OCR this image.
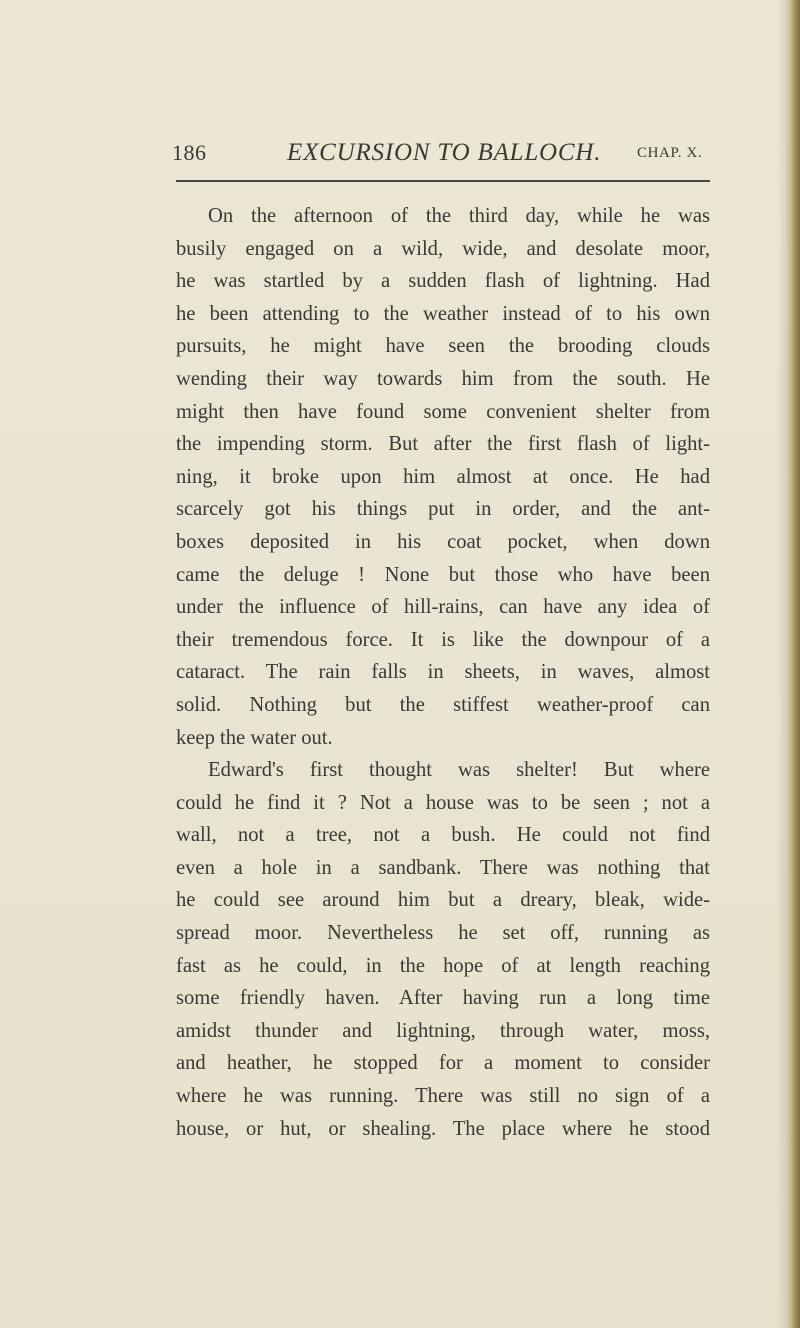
186	EXCURSION TO BALLOCH. CHAP. X.
On the afternoon of the third day, while he was
busily engaged on a wild, wide, and desolate moor,
he was startled by a sudden flash of lightning. Had
he been attending to the weather instead of to his own
pursuits, he might have seen the brooding clouds
wending their way towards him from the south. He
might then have found some convenient shelter from
the impending storm. But after the first flash of light-
ning, it broke upon him almost at once. He had
scarcely got his things put in order, and the ant-
boxes deposited in his coat pocket, when down
came the deluge ! None but those who have been
under the influence of hill-rains, can have any idea of
their tremendous force. It is like the downpour of a
cataract. The rain falls in sheets, in waves, almost
solid. Nothing but the stiffest weather-proof can
keep the water out.
Edward's first thought was shelter! But where
could he find it ? Not a house was to be seen ; not a
wall, not a tree, not a bush. He could not find
even a hole in a sandbank. There was nothing that
he could see around him but a dreary, bleak, wide-
spread moor. Nevertheless he set off, running as
fast as he could, in the hope of at length reaching
some friendly haven. After having run a long time
amidst thunder and lightning, through water, moss,
and heather, he stopped for a moment to consider
where he was running. There was still no sign of a
house, or hut, or shealing. The place where he stood
